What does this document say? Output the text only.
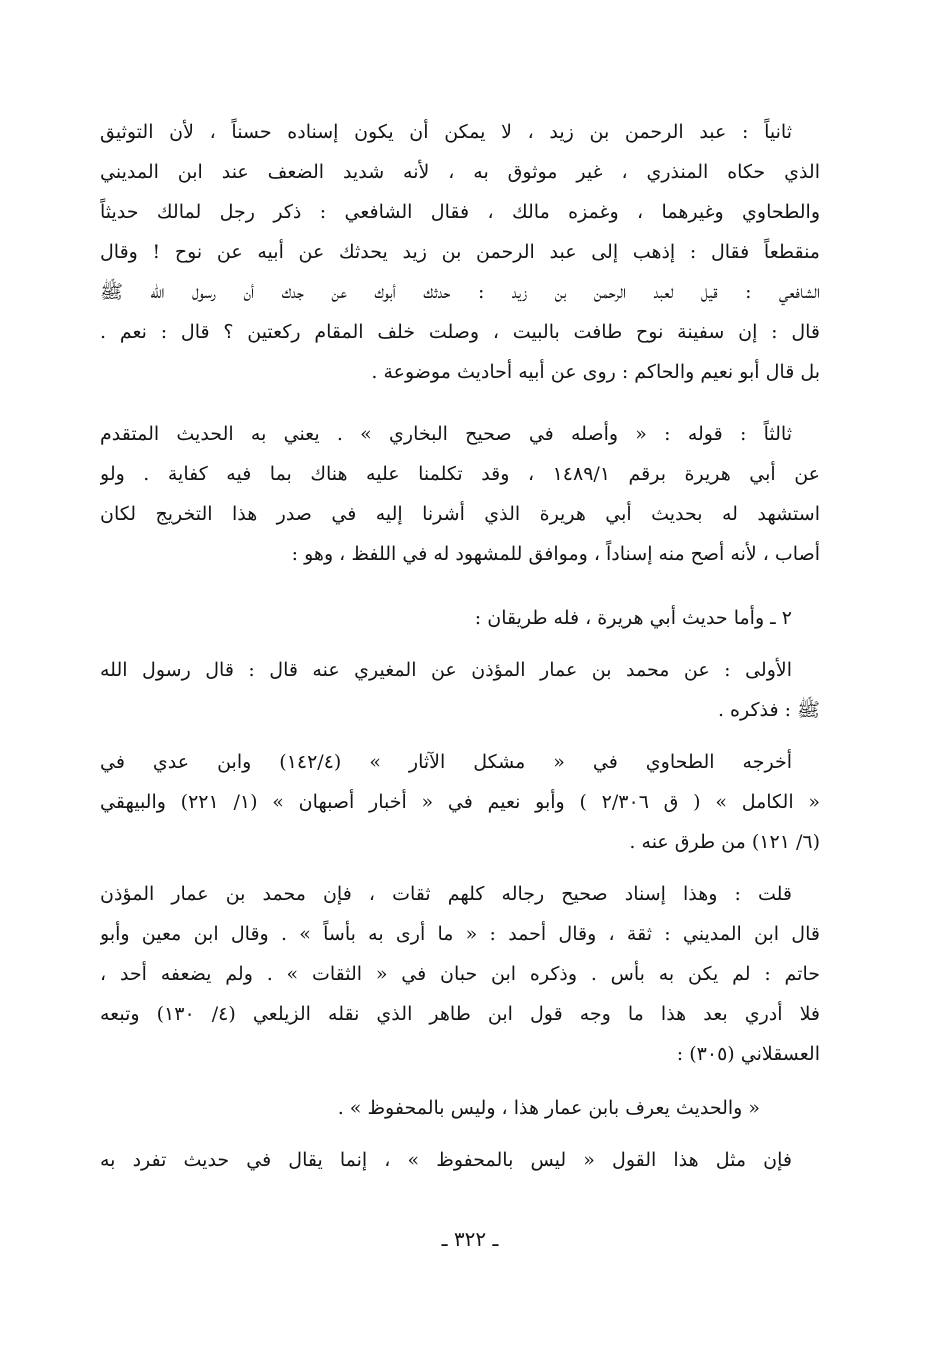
ثانياً : عبد الرحمن بن زيد ، لا يمكن أن يكون إسناده حسناً ، لأن التوثيق
الذي حكاه المنذري ، غير موثوق به ، لأنه شديد الضعف عند ابن المديني
والطحاوي وغيرهما ، وغمزه مالك ، فقال الشافعي : ذكر رجل لمالك حديثاً
منقطعاً فقال : إذهب إلى عبد الرحمن بن زيد يحدثك عن أبيه عن نوح ! وقال
الشافعي : قيل لعبد الرحمن بن زيد : حدثك أبوك عن جدك أن رسول الله ﷺ
قال : إن سفينة نوح طافت بالبيت ، وصلت خلف المقام ركعتين ؟ قال : نعم .
بل قال أبو نعيم والحاكم : روى عن أبيه أحاديث موضوعة .
ثالثاً : قوله : « وأصله في صحيح البخاري » . يعني به الحديث المتقدم
عن أبي هريرة برقم ١٤٨٩/١ ، وقد تكلمنا عليه هناك بما فيه كفاية . ولو
استشهد له بحديث أبي هريرة الذي أشرنا إليه في صدر هذا التخريج لكان
أصاب ، لأنه أصح منه إسناداً ، وموافق للمشهود له في اللفظ ، وهو :
٢ ـ وأما حديث أبي هريرة ، فله طريقان :
الأولى : عن محمد بن عمار المؤذن عن المغيري عنه قال : قال رسول الله
ﷺ : فذكره .
أخرجه الطحاوي في « مشكل الآثار » (١٤٢/٤) وابن عدي في
« الكامل » ( ق ٢/٣٠٦ ) وأبو نعيم في « أخبار أصبهان » (١/ ٢٢١) والبيهقي
(٦/ ١٢١) من طرق عنه .
قلت : وهذا إسناد صحيح رجاله كلهم ثقات ، فإن محمد بن عمار المؤذن
قال ابن المديني : ثقة ، وقال أحمد : « ما أرى به بأساً » . وقال ابن معين وأبو
حاتم : لم يكن به بأس . وذكره ابن حبان في « الثقات » . ولم يضعفه أحد ،
فلا أدري بعد هذا ما وجه قول ابن طاهر الذي نقله الزيلعي (٤/ ١٣٠) وتبعه
العسقلاني (٣٠٥) :
« والحديث يعرف بابن عمار هذا ، وليس بالمحفوظ » .
فإن مثل هذا القول « ليس بالمحفوظ » ، إنما يقال في حديث تفرد به
ـ ٣٢٢ ـ
